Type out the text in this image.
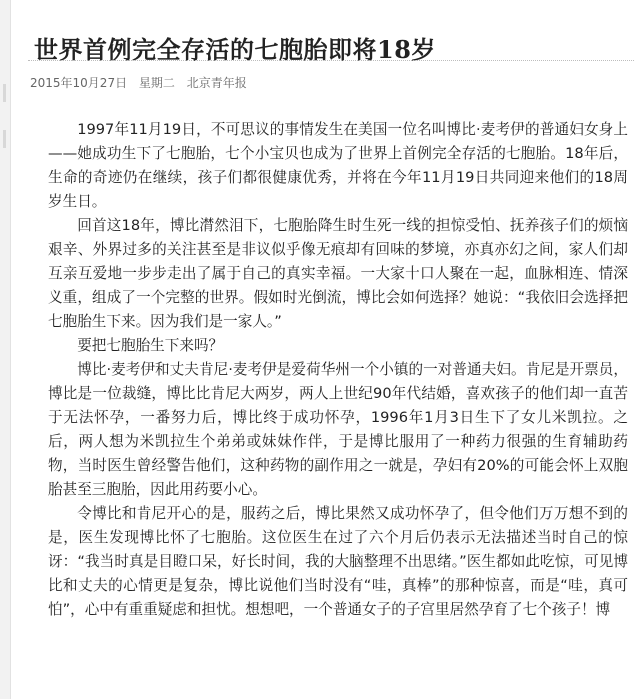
世界首例完全存活的七胞胎即将18岁
2015年10月27日 星期二 北京青年报

1997年11月19日，不可思议的事情发生在美国一位名叫博比·麦考伊的普通妇女身上——她成功生下了七胞胎，七个小宝贝也成为了世界上首例完全存活的七胞胎。18年后，生命的奇迹仍在继续，孩子们都很健康优秀，并将在今年11月19日共同迎来他们的18周岁生日。

回首这18年，博比潸然泪下，七胞胎降生时生死一线的担惊受怕、抚养孩子们的烦恼艰辛、外界过多的关注甚至是非议似乎像无痕却有回味的梦境，亦真亦幻之间，家人们却互亲互爱地一步步走出了属于自己的真实幸福。一大家十口人聚在一起，血脉相连、情深义重，组成了一个完整的世界。假如时光倒流，博比会如何选择？她说：“我依旧会选择把七胞胎生下来。因为我们是一家人。”

要把七胞胎生下来吗？

博比·麦考伊和丈夫肯尼·麦考伊是爱荷华州一个小镇的一对普通夫妇。肯尼是开票员，博比是一位裁缝，博比比肯尼大两岁，两人上世纪90年代结婚，喜欢孩子的他们却一直苦于无法怀孕，一番努力后，博比终于成功怀孕，1996年1月3日生下了女儿米凯拉。之后，两人想为米凯拉生个弟弟或妹妹作伴，于是博比服用了一种药力很强的生育辅助药物，当时医生曾经警告他们，这种药物的副作用之一就是，孕妇有20%的可能会怀上双胞胎甚至三胞胎，因此用药要小心。

令博比和肯尼开心的是，服药之后，博比果然又成功怀孕了，但令他们万万想不到的是，医生发现博比怀了七胞胎。这位医生在过了六个月后仍表示无法描述当时自己的惊讶：“我当时真是目瞪口呆，好长时间，我的大脑整理不出思绪。”医生都如此吃惊，可见博比和丈夫的心情更是复杂，博比说他们当时没有“哇，真棒”的那种惊喜，而是“哇，真可怕”，心中有重重疑虑和担忧。想想吧，一个普通女子的子宫里居然孕育了七个孩子！博
